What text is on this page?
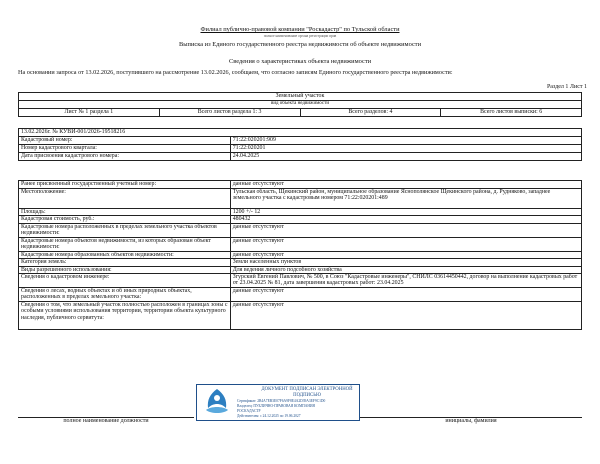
Филиал публично-правовой компании "Роскадастр" по Тульской области
полное наименование органа регистрации прав
Выписка из Единого государственного реестра недвижимости об объекте недвижимости
Сведения о характеристиках объекта недвижимости
На основании запроса от 13.02.2026, поступившего на рассмотрение 13.02.2026, сообщаем, что согласно записям Единого государственного реестра недвижимости:
Раздел 1 Лист 1
Земельный участок
вид объекта недвижимости
Лист № 1 раздела 1	Всего листов раздела 1: 3	Всего разделов: 4	Всего листов выписки: 6
13.02.2026г. № КУВИ-001/2026-19518216	
Кадастровый номер:	71:22:020201:909
Номер кадастрового квартала:	71:22:020201
Дата присвоения кадастрового номера:	24.04.2025
Ранее присвоенный государственный учетный номер:	данные отсутствуют
Местоположение:	Тульская область, Щекинский район, муниципальное образование Яснополянское Щекинского района, д. Рудняково, западнее земельного участка с кадастровым номером 71:22:020201:489
Площадь:	1200 +/- 12
Кадастровая стоимость, руб.:	480432
Кадастровые номера расположенных в пределах земельного участка объектов недвижимости:	данные отсутствуют
Кадастровые номера объектов недвижимости, из которых образован объект недвижимости:	данные отсутствуют
Кадастровые номера образованных объектов недвижимости:	данные отсутствуют
Категория земель:	Земли населенных пунктов
Виды разрешенного использования:	Для ведения личного подсобного хозяйства
Сведения о кадастровом инженере:	Згурский Евгений Павлович, № 500, в Союз "Кадастровые инженеры", СНИЛС 03614450442, договор на выполнение кадастровых работ от 23.04.2025 № 81, дата завершения кадастровых работ: 23.04.2025
Сведения о лесах, водных объектах и об иных природных объектах, расположенных в пределах земельного участка:	данные отсутствуют
Сведения о том, что земельный участок полностью расположен в границах зоны с особыми условиями использования территории, территории объекта культурного наследия, публичного сервитута:	данные отсутствуют
полное наименование должности	инициалы, фамилия
ДОКУМЕНТ ПОДПИСАН ЭЛЕКТРОННОЙ ПОДПИСЬЮ
Сертификат: 2B4A7EB3E07F6A9F8E4A2D39A3EF9C1D0
Владелец: ПУБЛИЧНО-ПРАВОВАЯ КОМПАНИЯ
РОСКАДАСТР
Действителен: с 24.12.2025 по 19.06.2027
